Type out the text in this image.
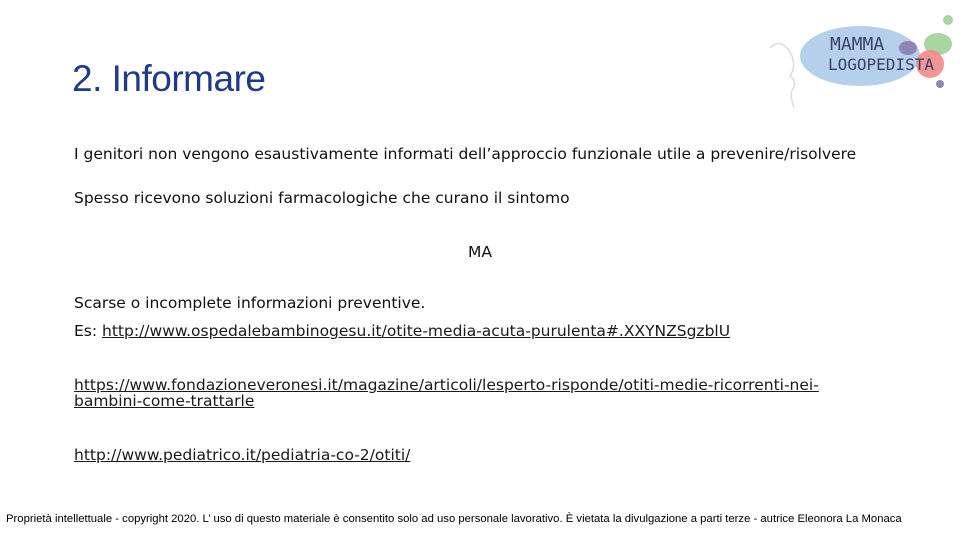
MAMMA
LOGOPEDISTA
2. Informare
I genitori non vengono esaustivamente informati dell’approccio funzionale utile a prevenire/risolvere
Spesso ricevono soluzioni farmacologiche che curano il sintomo
MA
Scarse o incomplete informazioni preventive.
Es: http://www.ospedalebambinogesu.it/otite-media-acuta-purulenta#.XXYNZSgzblU
https://www.fondazioneveronesi.it/magazine/articoli/lesperto-risponde/otiti-medie-ricorrenti-nei-bambini-come-trattarle
http://www.pediatrico.it/pediatria-co-2/otiti/
Proprietà intellettuale - copyright 2020. L’ uso di questo materiale è consentito solo ad uso personale lavorativo. È vietata la divulgazione a parti terze - autrice Eleonora La Monaca
